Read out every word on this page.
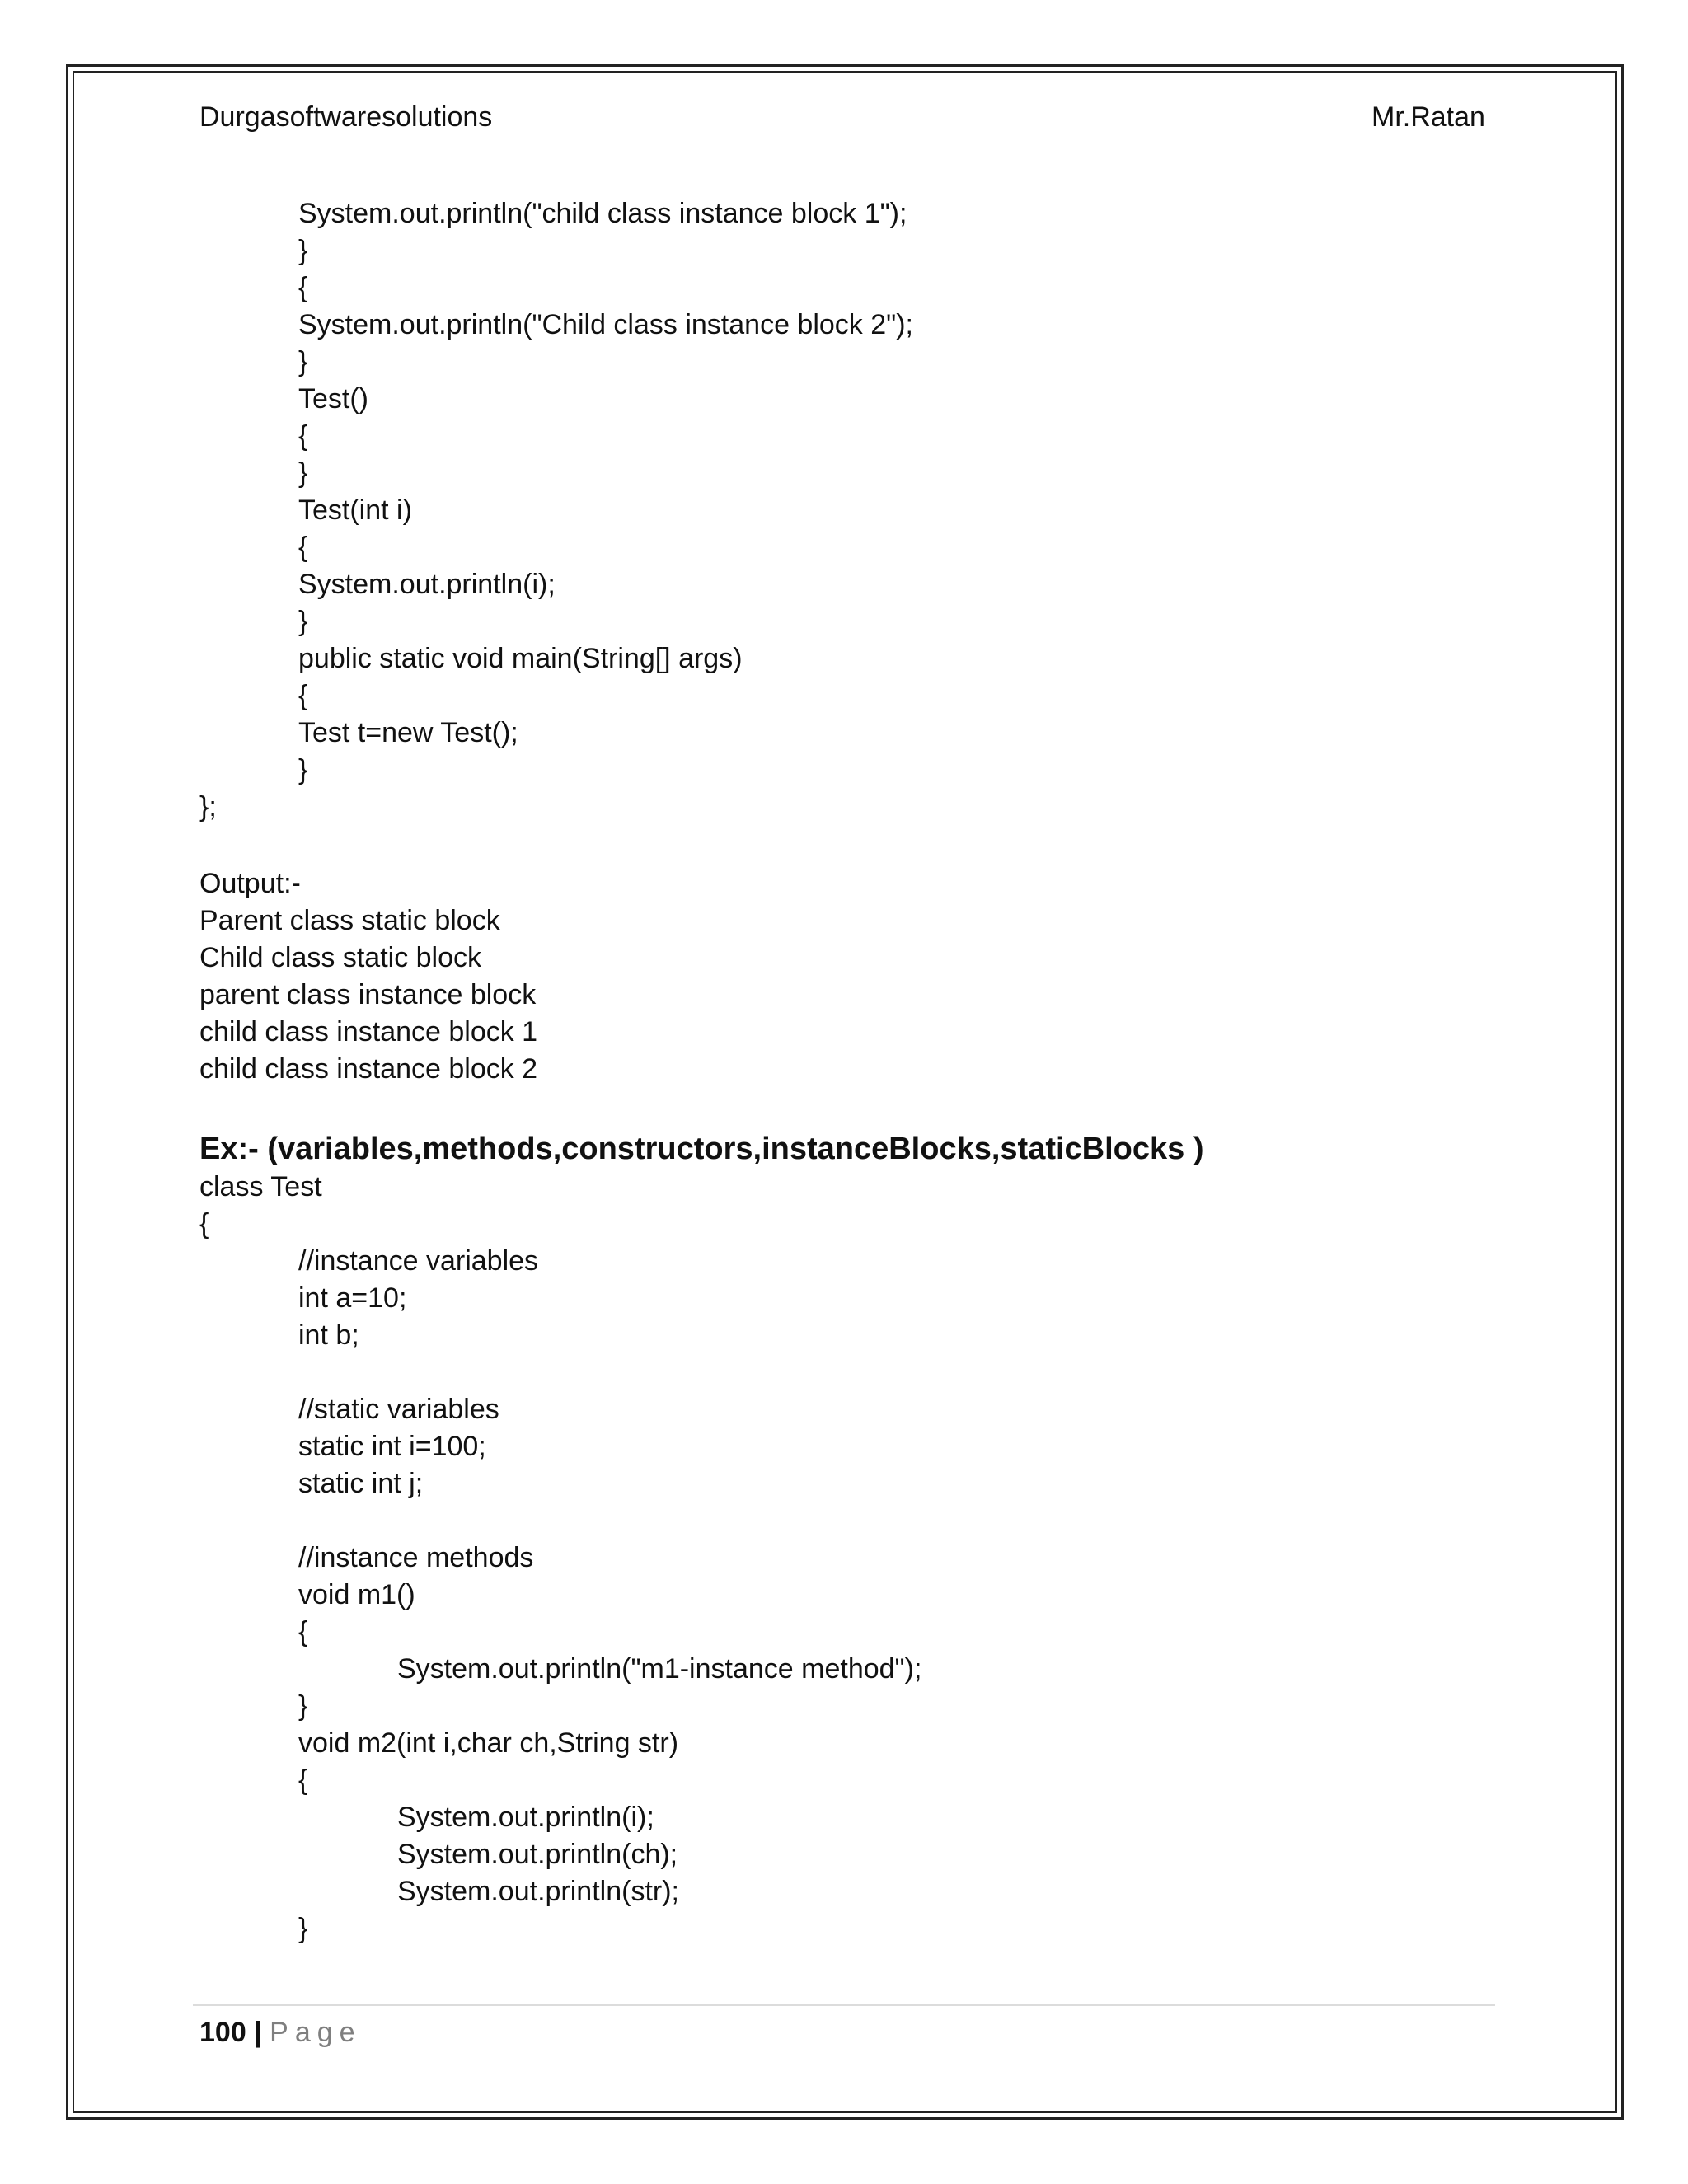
Durgasoftwaresolutions	Mr.Ratan
System.out.println("child class instance block 1");
}
{
System.out.println("Child class instance block 2");
}
Test()
{
}
Test(int i)
{
System.out.println(i);
}
public static void main(String[] args)
{
Test t=new Test();
}
};
Output:-
Parent class static block
Child class static block
parent class instance block
child class instance block 1
child class instance block 2
Ex:- (variables,methods,constructors,instanceBlocks,staticBlocks )
class Test
{
//instance variables
int a=10;
int b;
//static variables
static int i=100;
static int j;
//instance methods
void m1()
{
System.out.println("m1-instance method");
}
void m2(int i,char ch,String str)
{
System.out.println(i);
System.out.println(ch);
System.out.println(str);
}
100 | Page
